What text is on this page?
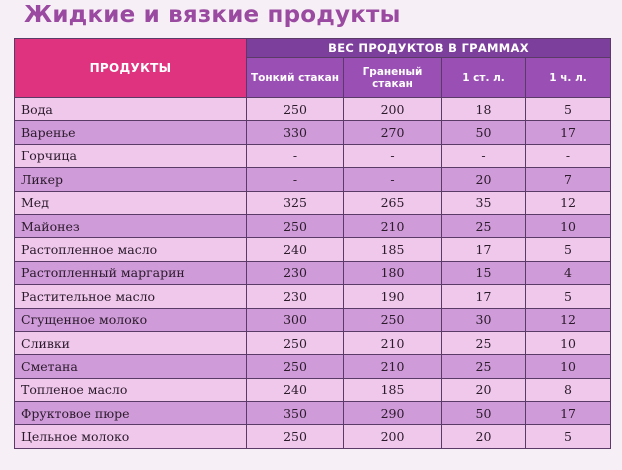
Жидкие и вязкие продукты
ПРОДУКТЫ	ВЕС ПРОДУКТОВ В ГРАММАХ			
	Тонкий стакан	Граненый стакан	1 ст. л.	1 ч. л.
Вода	250	200	18	5
Варенье	330	270	50	17
Горчица	-	-	-	-
Ликер	-	-	20	7
Мед	325	265	35	12
Майонез	250	210	25	10
Растопленное масло	240	185	17	5
Растопленный маргарин	230	180	15	4
Растительное масло	230	190	17	5
Сгущенное молоко	300	250	30	12
Сливки	250	210	25	10
Сметана	250	210	25	10
Топленое масло	240	185	20	8
Фруктовое пюре	350	290	50	17
Цельное молоко	250	200	20	5
